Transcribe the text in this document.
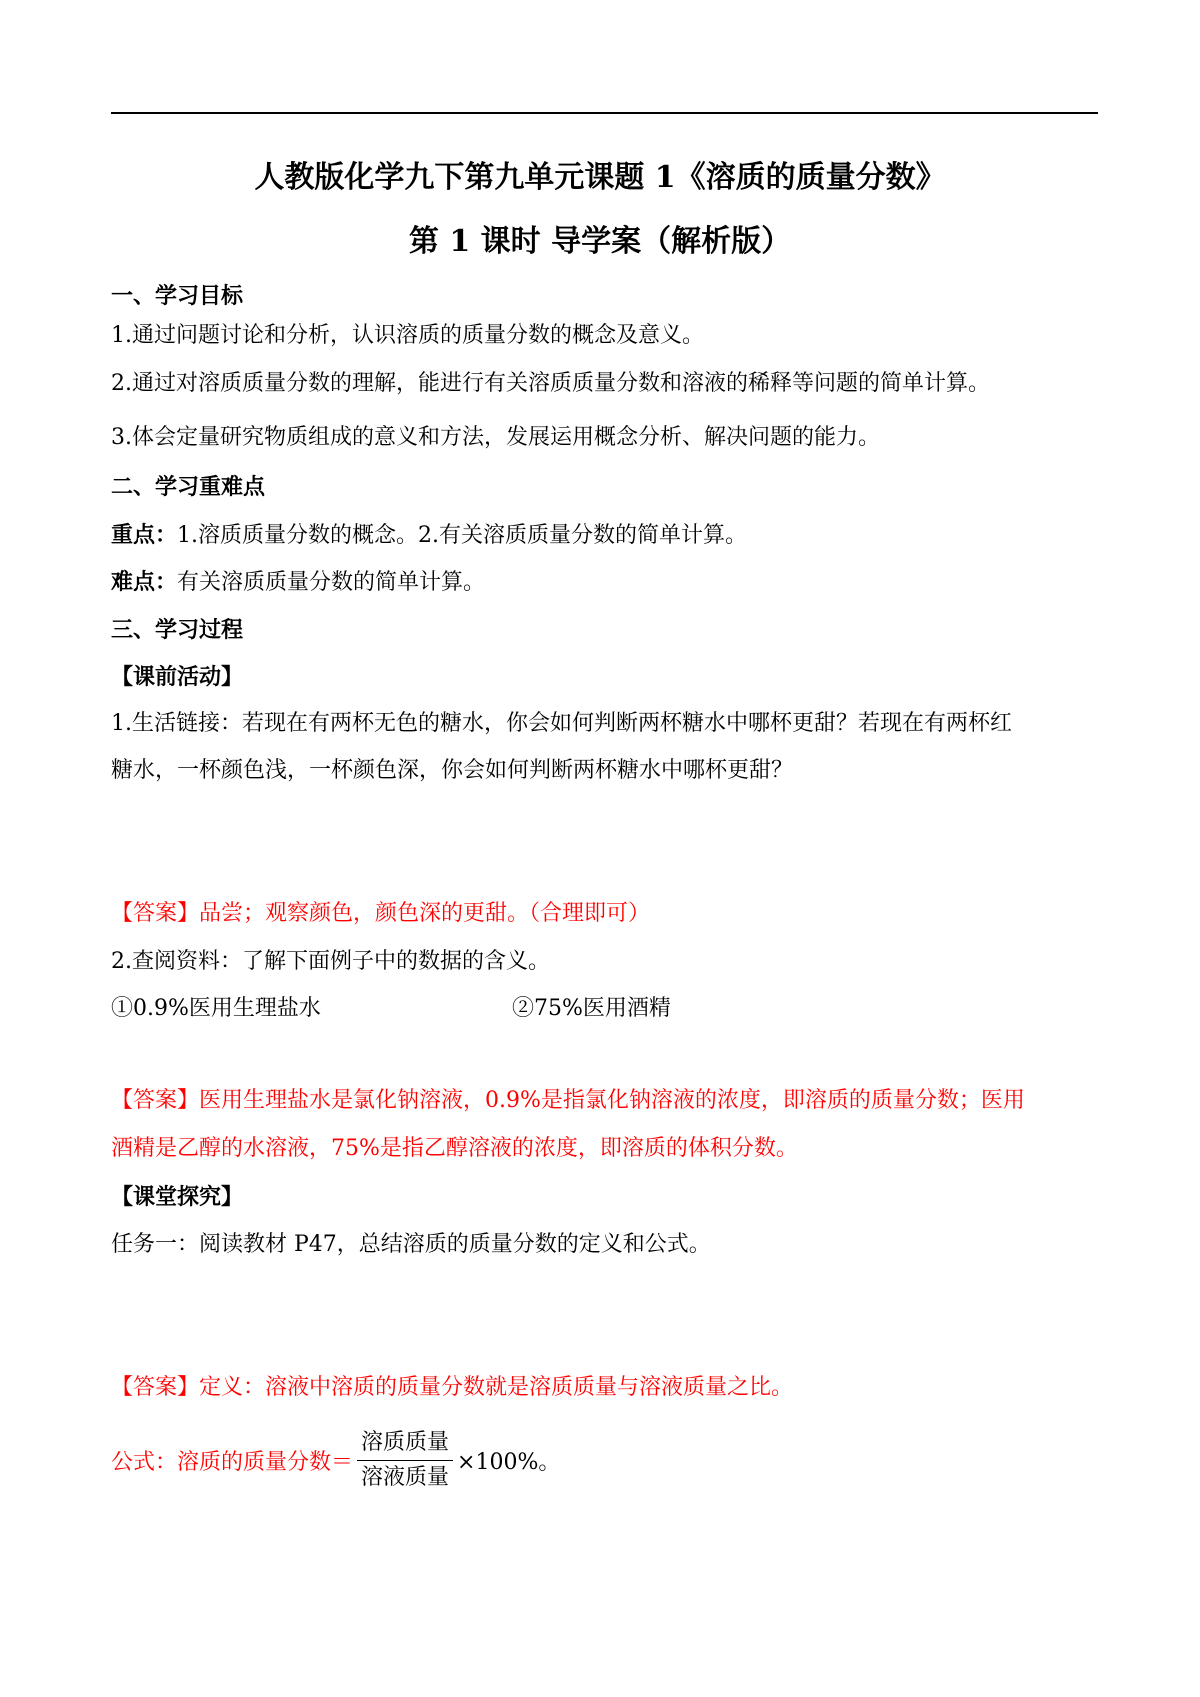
人教版化学九下第九单元课题 1《溶质的质量分数》
第 1 课时 导学案（解析版）
一、学习目标
1.通过问题讨论和分析，认识溶质的质量分数的概念及意义。
2.通过对溶质质量分数的理解，能进行有关溶质质量分数和溶液的稀释等问题的简单计算。
3.体会定量研究物质组成的意义和方法，发展运用概念分析、解决问题的能力。
二、学习重难点
重点：1.溶质质量分数的概念。2.有关溶质质量分数的简单计算。
难点：有关溶质质量分数的简单计算。
三、学习过程
【课前活动】
1.生活链接：若现在有两杯无色的糖水，你会如何判断两杯糖水中哪杯更甜？若现在有两杯红
糖水，一杯颜色浅，一杯颜色深，你会如何判断两杯糖水中哪杯更甜？
【答案】品尝；观察颜色，颜色深的更甜。（合理即可）
2.查阅资料：了解下面例子中的数据的含义。
①0.9%医用生理盐水	②75%医用酒精
【答案】医用生理盐水是氯化钠溶液，0.9%是指氯化钠溶液的浓度，即溶质的质量分数；医用
酒精是乙醇的水溶液，75%是指乙醇溶液的浓度，即溶质的体积分数。
【课堂探究】
任务一：阅读教材 P47，总结溶质的质量分数的定义和公式。
【答案】定义：溶液中溶质的质量分数就是溶质质量与溶液质量之比。
公式：溶质的质量分数＝ $\frac{\text{溶质质量}}{\text{溶液质量}} \times 100\%$。
